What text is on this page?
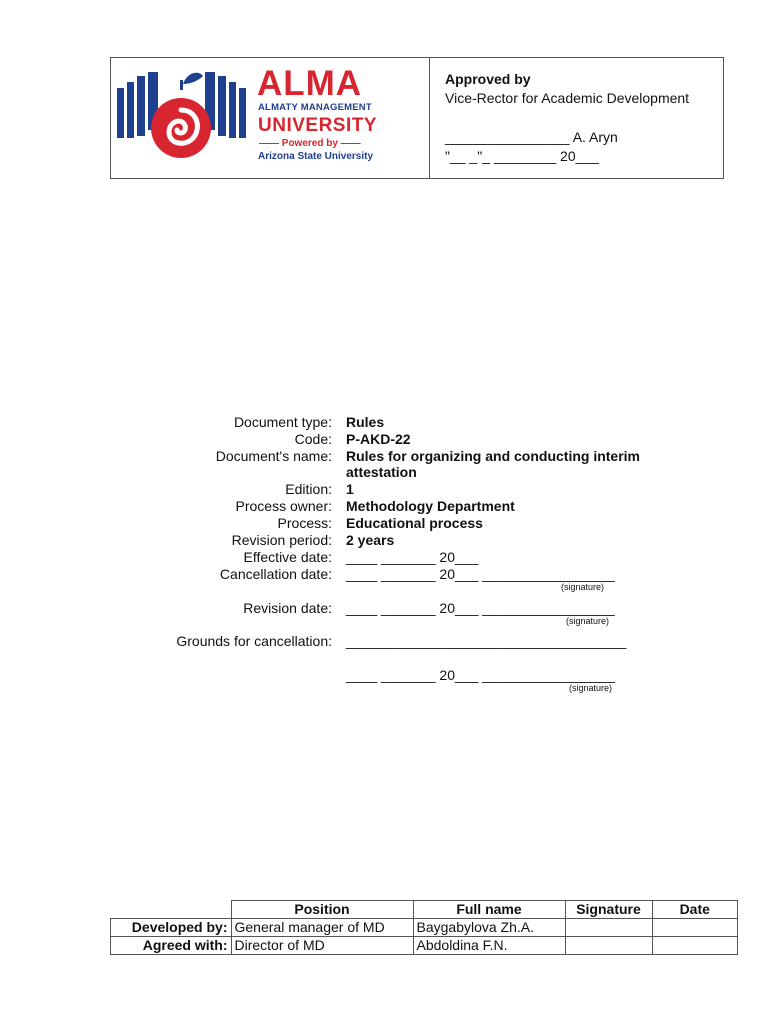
ALMA
ALMATY MANAGEMENT
UNIVERSITY
—— Powered by ——
Arizona State University
Approved by
Vice-Rector for Academic Development
________________ A. Aryn
"__ _"_ ________ 20___
Document type: Rules
Code: P-AKD-22
Document's name: Rules for organizing and conducting interim
attestation
Edition: 1
Process owner: Methodology Department
Process: Educational process
Revision period: 2 years
Effective date: ____ _______ 20___
Cancellation date: ____ _______ 20___ _________________
(signature)
Revision date: ____ _______ 20___ _________________
(signature)
Grounds for cancellation: ____________________________________
____ _______ 20___ _________________
(signature)
	Position	Full name	Signature	Date
Developed by:	General manager of MD	Baygabylova Zh.A.		
Agreed with:	Director of MD	Abdoldina F.N.		
